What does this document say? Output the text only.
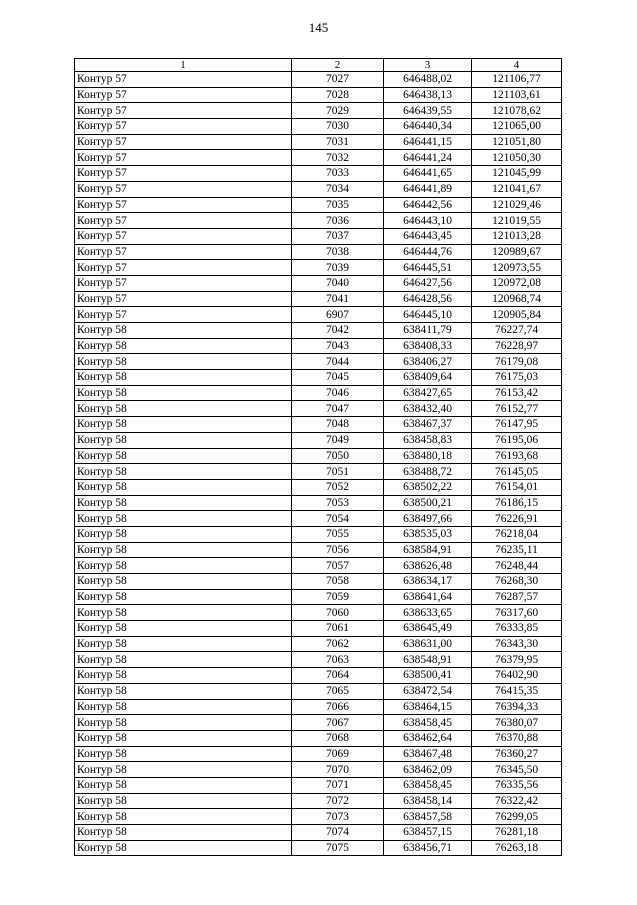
145
1	2	3	4
Контур 57	7027	646488,02	121106,77
Контур 57	7028	646438,13	121103,61
Контур 57	7029	646439,55	121078,62
Контур 57	7030	646440,34	121065,00
Контур 57	7031	646441,15	121051,80
Контур 57	7032	646441,24	121050,30
Контур 57	7033	646441,65	121045,99
Контур 57	7034	646441,89	121041,67
Контур 57	7035	646442,56	121029,46
Контур 57	7036	646443,10	121019,55
Контур 57	7037	646443,45	121013,28
Контур 57	7038	646444,76	120989,67
Контур 57	7039	646445,51	120973,55
Контур 57	7040	646427,56	120972,08
Контур 57	7041	646428,56	120968,74
Контур 57	6907	646445,10	120905,84
Контур 58	7042	638411,79	76227,74
Контур 58	7043	638408,33	76228,97
Контур 58	7044	638406,27	76179,08
Контур 58	7045	638409,64	76175,03
Контур 58	7046	638427,65	76153,42
Контур 58	7047	638432,40	76152,77
Контур 58	7048	638467,37	76147,95
Контур 58	7049	638458,83	76195,06
Контур 58	7050	638480,18	76193,68
Контур 58	7051	638488,72	76145,05
Контур 58	7052	638502,22	76154,01
Контур 58	7053	638500,21	76186,15
Контур 58	7054	638497,66	76226,91
Контур 58	7055	638535,03	76218,04
Контур 58	7056	638584,91	76235,11
Контур 58	7057	638626,48	76248,44
Контур 58	7058	638634,17	76268,30
Контур 58	7059	638641,64	76287,57
Контур 58	7060	638633,65	76317,60
Контур 58	7061	638645,49	76333,85
Контур 58	7062	638631,00	76343,30
Контур 58	7063	638548,91	76379,95
Контур 58	7064	638500,41	76402,90
Контур 58	7065	638472,54	76415,35
Контур 58	7066	638464,15	76394,33
Контур 58	7067	638458,45	76380,07
Контур 58	7068	638462,64	76370,88
Контур 58	7069	638467,48	76360,27
Контур 58	7070	638462,09	76345,50
Контур 58	7071	638458,45	76335,56
Контур 58	7072	638458,14	76322,42
Контур 58	7073	638457,58	76299,05
Контур 58	7074	638457,15	76281,18
Контур 58	7075	638456,71	76263,18
